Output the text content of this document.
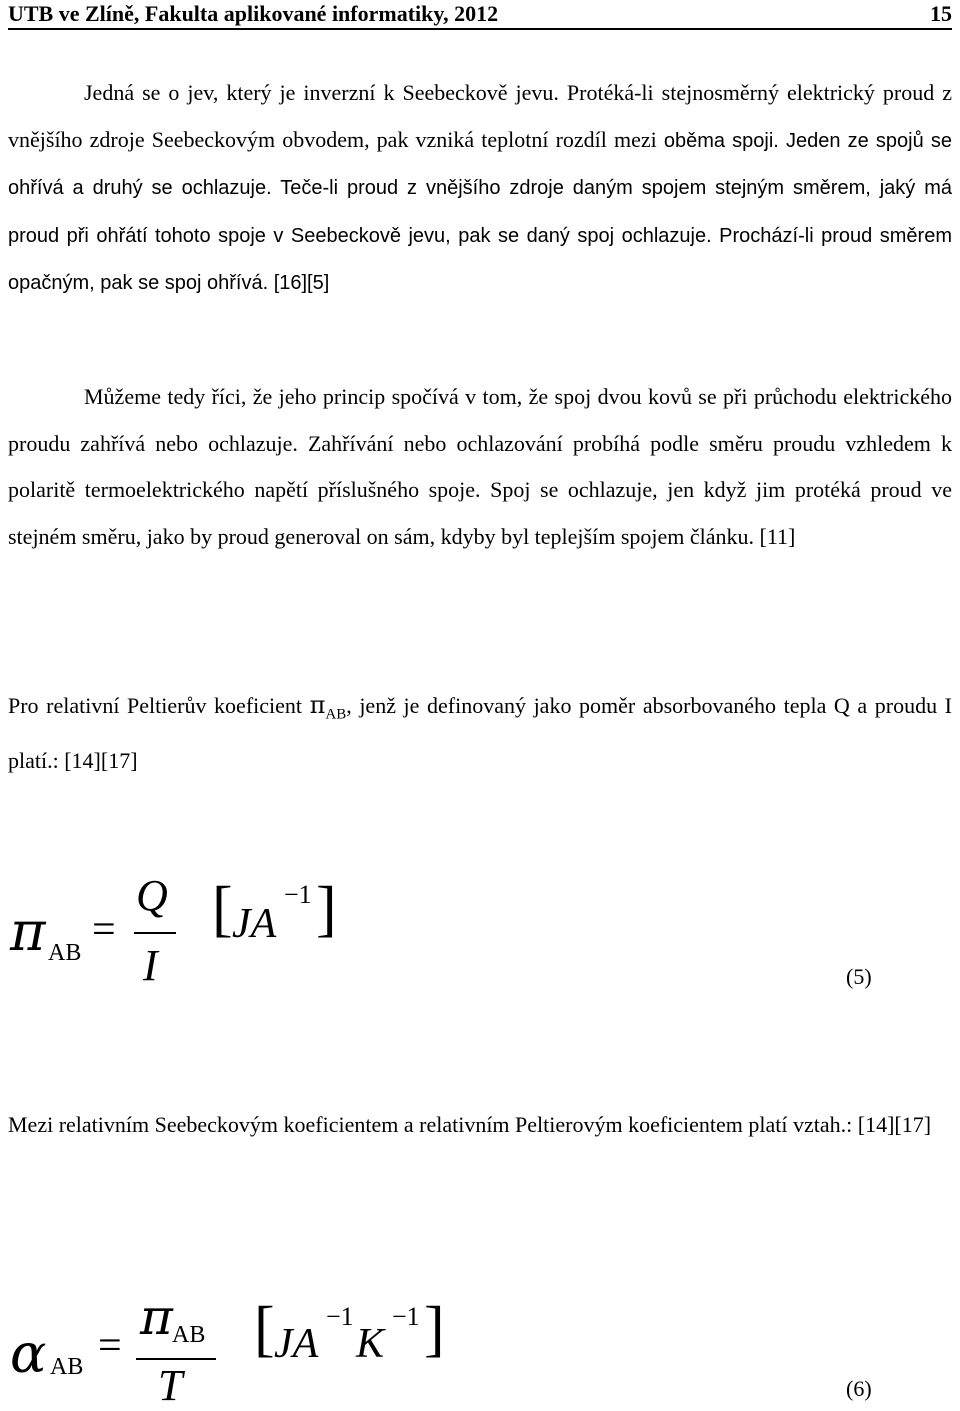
UTB ve Zlíně, Fakulta aplikované informatiky, 2012	15
Jedná se o jev, který je inverzní k Seebeckově jevu. Protéká-li stejnosměrný elektrický proud z vnějšího zdroje Seebeckovým obvodem, pak vzniká teplotní rozdíl mezi oběma spoji. Jeden ze spojů se ohřívá a druhý se ochlazuje. Teče-li proud z vnějšího zdroje daným spojem stejným směrem, jaký má proud při ohřátí tohoto spoje v Seebeckově jevu, pak se daný spoj ochlazuje. Prochází-li proud směrem opačným, pak se spoj ohřívá. [16][5]
Můžeme tedy říci, že jeho princip spočívá v tom, že spoj dvou kovů se při průchodu elektrického proudu zahřívá nebo ochlazuje. Zahřívání nebo ochlazování probíhá podle směru proudu vzhledem k polaritě termoelektrického napětí příslušného spoje. Spoj se ochlazuje, jen když jim protéká proud ve stejném směru, jako by proud generoval on sám, kdyby byl teplejším spojem článku. [11]
Pro relativní Peltierův koeficient $\pi_{AB}$, jenž je definovaný jako poměr absorbovaného tepla Q a proudu I platí.: [14][17]
π AB =
Q
I
[ JA
−1 ]
(5)
Mezi relativním Seebeckovým koeficientem a relativním Peltierovým koeficientem platí vztah.: [14][17]
α AB = π AB
T
[ JA
−1
K
−1 ]
(6)
